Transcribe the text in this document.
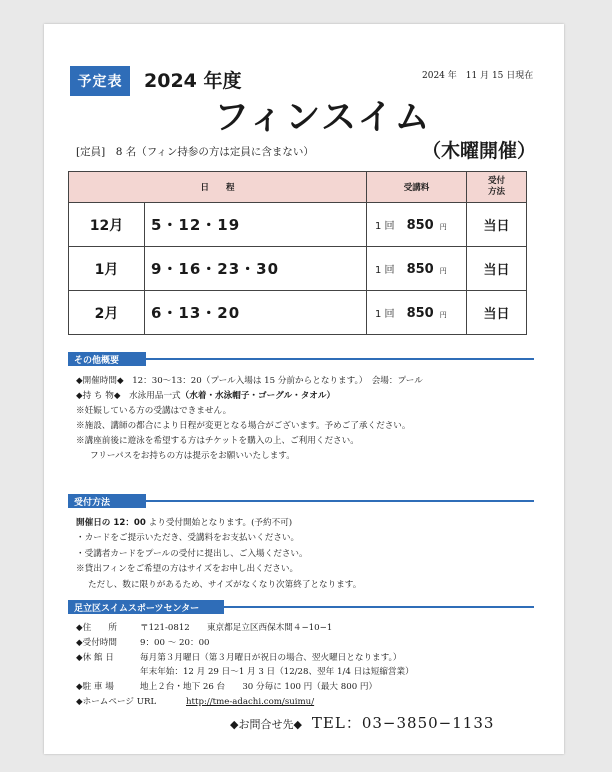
予定表	2024 年度	2024 年　11 月 15 日現在
フィンスイム
[定員]　8 名（フィン持参の方は定員に含まない）	（木曜開催）
日　　程		受講料	受付
方法
12月	5・12・19	1 回 850 円	当日
1月	9・16・23・30	1 回 850 円	当日
2月	6・13・20	1 回 850 円	当日
その他概要
◆開催時間◆　 12：30〜13：20（プール入場は 15 分前からとなります。）　会場：プール
◆持 ち 物◆　 水泳用品一式（水着・水泳帽子・ゴーグル・タオル）
※妊娠している方の受講はできません。
※施設、講師の都合により日程が変更となる場合がございます。予めご了承ください。
※講座前後に遊泳を希望する方はチケットを購入の上、ご利用ください。
フリーパスをお持ちの方は提示をお願いいたします。
受付方法
開催日の 12：00 より受付開始となります。(予約不可)
・カードをご提示いただき、受講料をお支払いください。
・受講者カードをプールの受付に提出し、ご入場ください。
※貸出フィンをご希望の方はサイズをお申し出ください。
ただし、数に限りがあるため、サイズがなくなり次第終了となります。
足立区スイムスポーツセンター
◆住　　所	〒121-0812　　東京都足立区西保木間４−10−1
◆受付時間	9：00 〜 20：00
◆休 館 日	毎月第３月曜日（第３月曜日が祝日の場合、翌火曜日となります。）
年末年始：12 月 29 日〜1 月 3 日（12/28、翌年 1/4 日は短縮営業）
◆駐 車 場	地上２台・地下 26 台　　30 分毎に 100 円（最大 800 円）
◆ホームページ URL	http://tme-adachi.com/suimu/
◆お問合せ先◆ TEL：03−3850−1133
